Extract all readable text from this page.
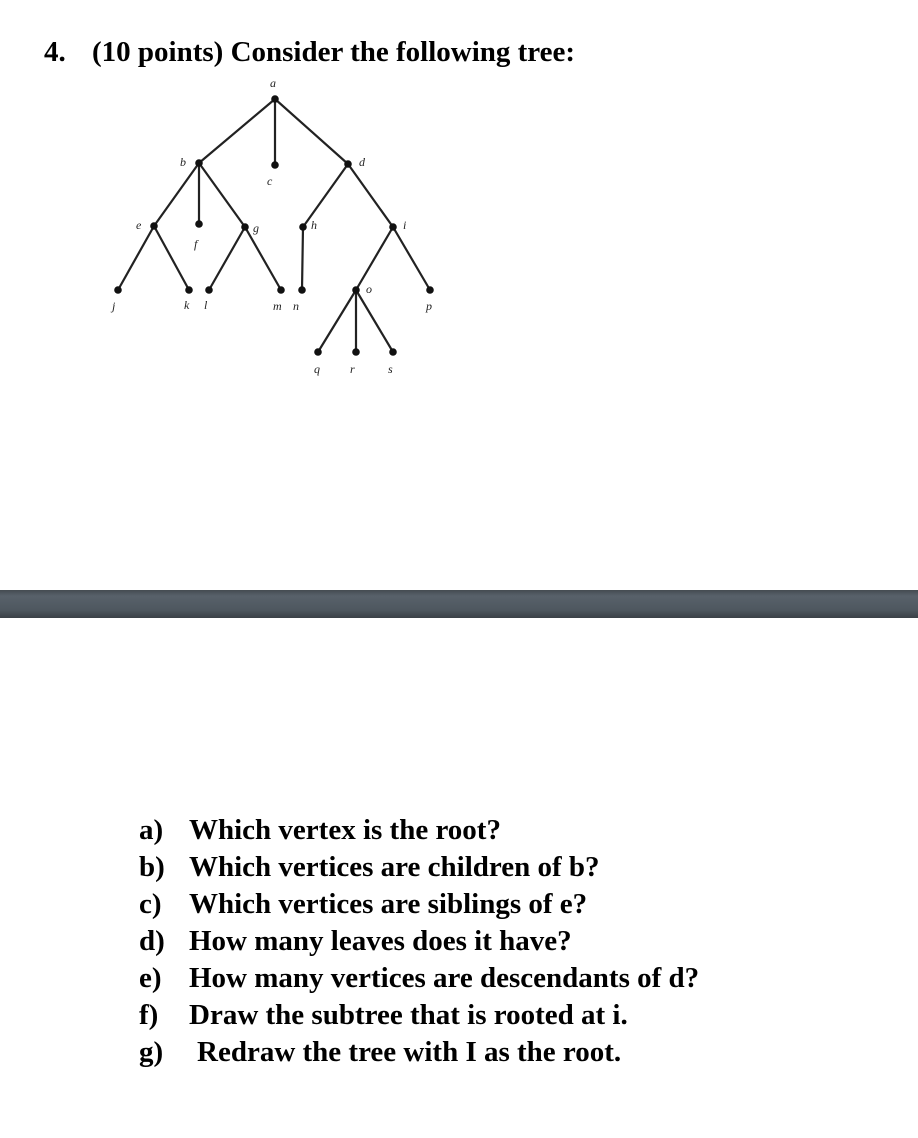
4. (10 points) Consider the following tree:
a
b
c
d
e
f
g	h	i
j	k l	m n
o
p
q	r	s
a) Which vertex is the root?
b) Which vertices are children of b?
c) Which vertices are siblings of e?
d) How many leaves does it have?
e) How many vertices are descendants of d?
f) Draw the subtree that is rooted at i.
g) Redraw the tree with I as the root.
